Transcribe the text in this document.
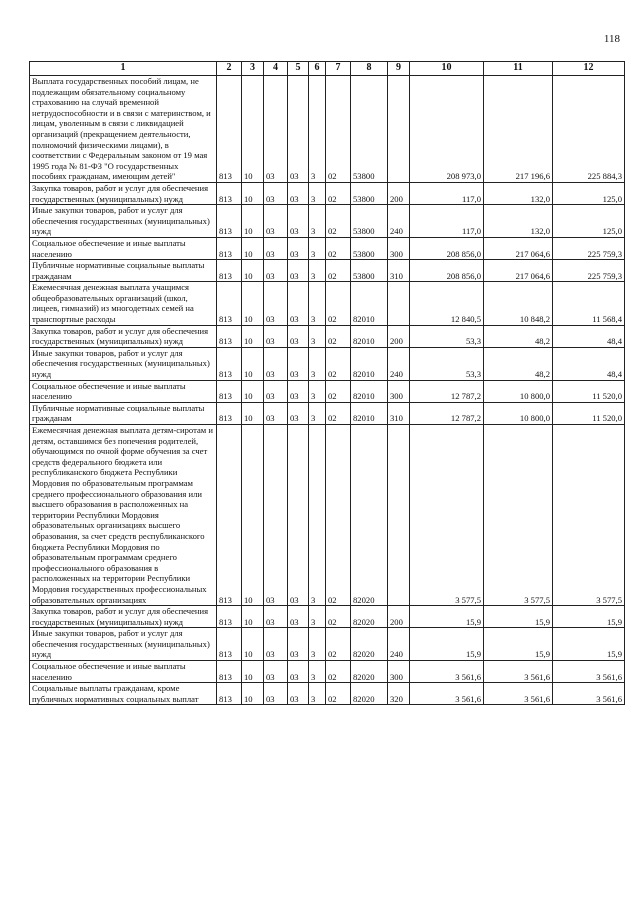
118
1	2	3	4	5	6	7	8	9	10	11	12
Выплата государственных пособий лицам, не подлежащим обязательному социальному страхованию на случай временной нетрудоспособности и в связи с материнством, и лицам, уволенным в связи с ликвидацией организаций (прекращением деятельности, полномочий физическими лицами), в соответствии с Федеральным законом от 19 мая 1995 года № 81-ФЗ "О государственных пособиях гражданам, имеющим детей"	813	10	03	03	3	02	53800		208 973,0	217 196,6	225 884,3
Закупка товаров, работ и услуг для обеспечения государственных (муниципальных) нужд	813	10	03	03	3	02	53800	200	117,0	132,0	125,0
Иные закупки товаров, работ и услуг для обеспечения государственных (муниципальных) нужд	813	10	03	03	3	02	53800	240	117,0	132,0	125,0
Социальное обеспечение и иные выплаты населению	813	10	03	03	3	02	53800	300	208 856,0	217 064,6	225 759,3
Публичные нормативные социальные выплаты гражданам	813	10	03	03	3	02	53800	310	208 856,0	217 064,6	225 759,3
Ежемесячная денежная выплата учащимся общеобразовательных организаций (школ, лицеев, гимназий) из многодетных семей на транспортные расходы	813	10	03	03	3	02	82010		12 840,5	10 848,2	11 568,4
Закупка товаров, работ и услуг для обеспечения государственных (муниципальных) нужд	813	10	03	03	3	02	82010	200	53,3	48,2	48,4
Иные закупки товаров, работ и услуг для обеспечения государственных (муниципальных) нужд	813	10	03	03	3	02	82010	240	53,3	48,2	48,4
Социальное обеспечение и иные выплаты населению	813	10	03	03	3	02	82010	300	12 787,2	10 800,0	11 520,0
Публичные нормативные социальные выплаты гражданам	813	10	03	03	3	02	82010	310	12 787,2	10 800,0	11 520,0
Ежемесячная денежная выплата детям-сиротам и детям, оставшимся без попечения родителей, обучающимся по очной форме обучения за счет средств федерального бюджета или республиканского бюджета Республики Мордовия по образовательным программам среднего профессионального образования или высшего образования в расположенных на территории Республики Мордовия образовательных организациях высшего образования, за счет средств республиканского бюджета Республики Мордовия по образовательным программам среднего профессионального образования в расположенных на территории Республики Мордовия государственных профессиональных образовательных организациях	813	10	03	03	3	02	82020		3 577,5	3 577,5	3 577,5
Закупка товаров, работ и услуг для обеспечения государственных (муниципальных) нужд	813	10	03	03	3	02	82020	200	15,9	15,9	15,9
Иные закупки товаров, работ и услуг для обеспечения государственных (муниципальных) нужд	813	10	03	03	3	02	82020	240	15,9	15,9	15,9
Социальное обеспечение и иные выплаты населению	813	10	03	03	3	02	82020	300	3 561,6	3 561,6	3 561,6
Социальные выплаты гражданам, кроме публичных нормативных социальных выплат	813	10	03	03	3	02	82020	320	3 561,6	3 561,6	3 561,6
